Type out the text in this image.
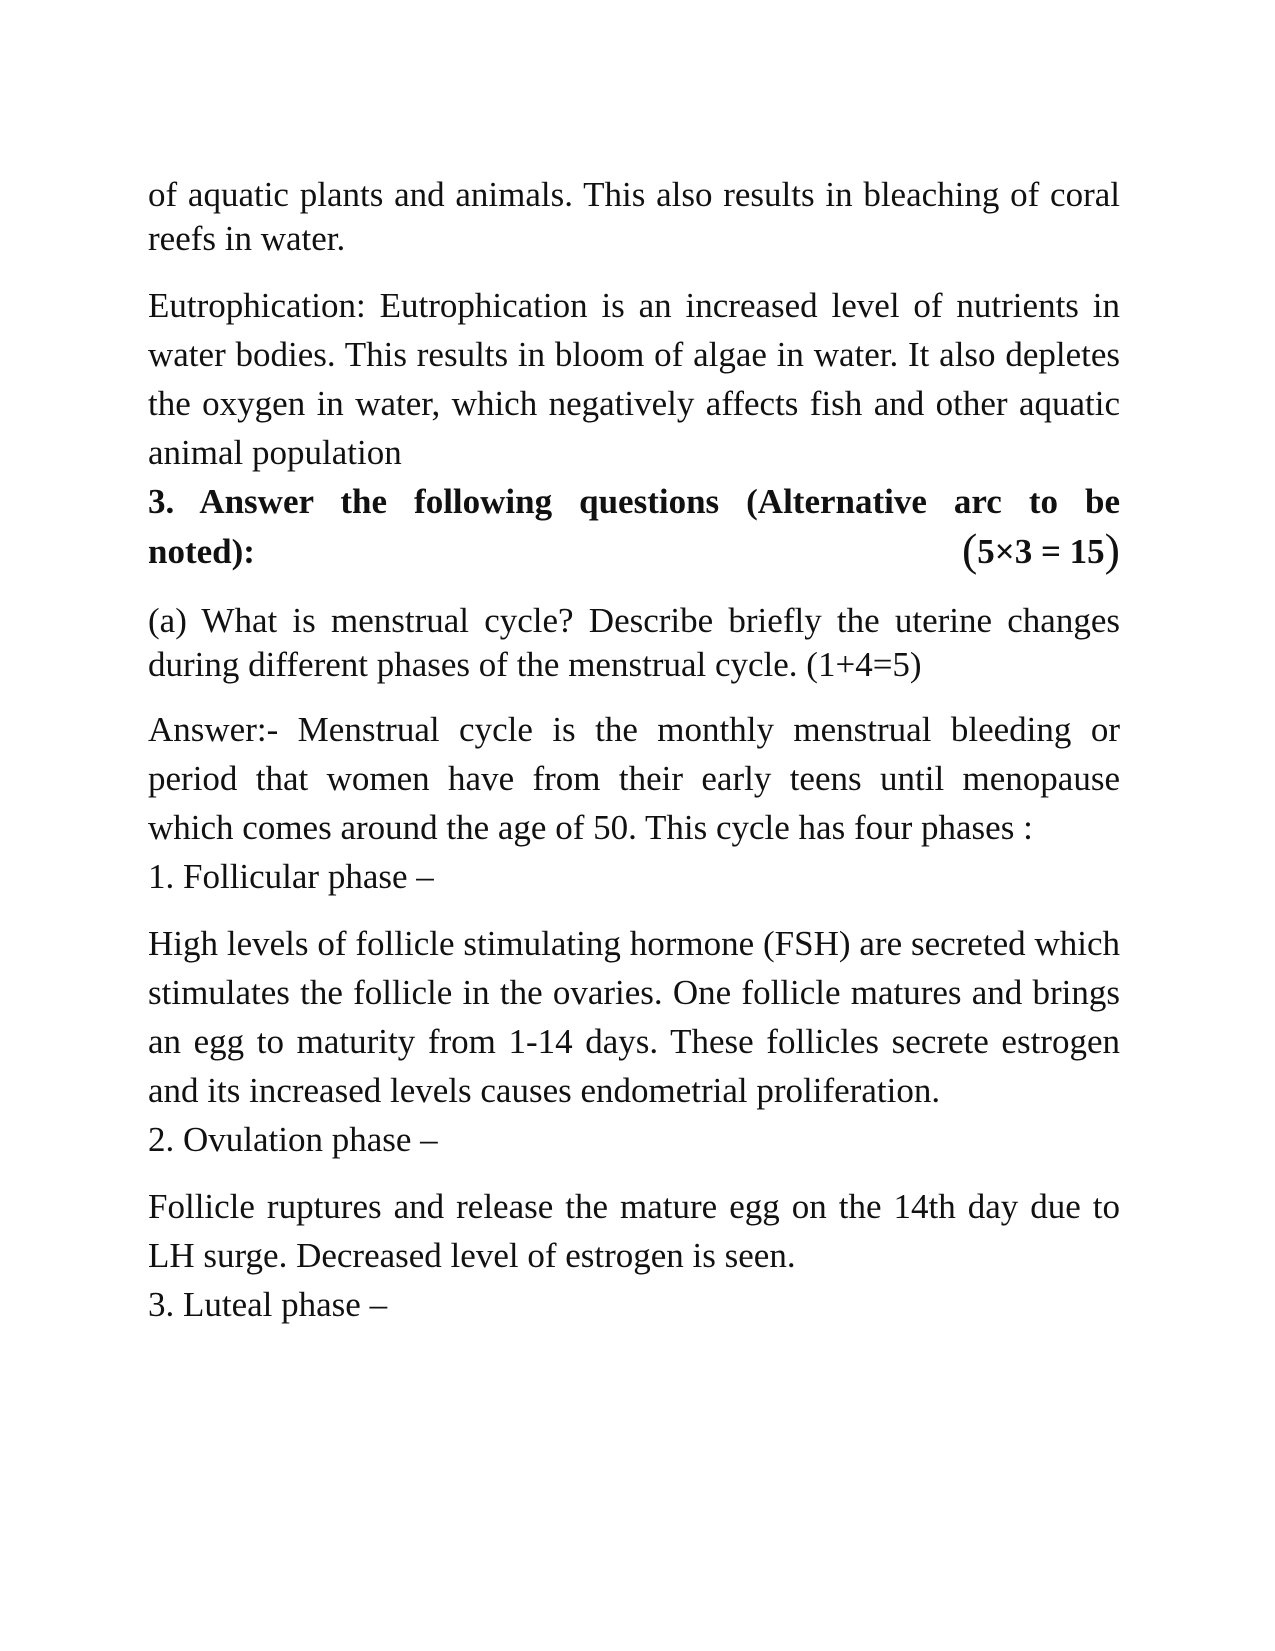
of aquatic plants and animals. This also results in bleaching of coral reefs in water.

Eutrophication: Eutrophication is an increased level of nutrients in water bodies. This results in bloom of algae in water. It also depletes the oxygen in water, which negatively affects fish and other aquatic animal population

3. Answer the following questions (Alternative arc to be
noted):	( 5×3 = 15 )

(a) What is menstrual cycle? Describe briefly the uterine changes during different phases of the menstrual cycle. (1+4=5)

Answer:- Menstrual cycle is the monthly menstrual bleeding or period that women have from their early teens until menopause which comes around the age of 50. This cycle has four phases :

1. Follicular phase –

High levels of follicle stimulating hormone (FSH) are secreted which stimulates the follicle in the ovaries. One follicle matures and brings an egg to maturity from 1-14 days. These follicles secrete estrogen and its increased levels causes endometrial proliferation.

2. Ovulation phase –

Follicle ruptures and release the mature egg on the 14th day due to LH surge. Decreased level of estrogen is seen.

3. Luteal phase –
